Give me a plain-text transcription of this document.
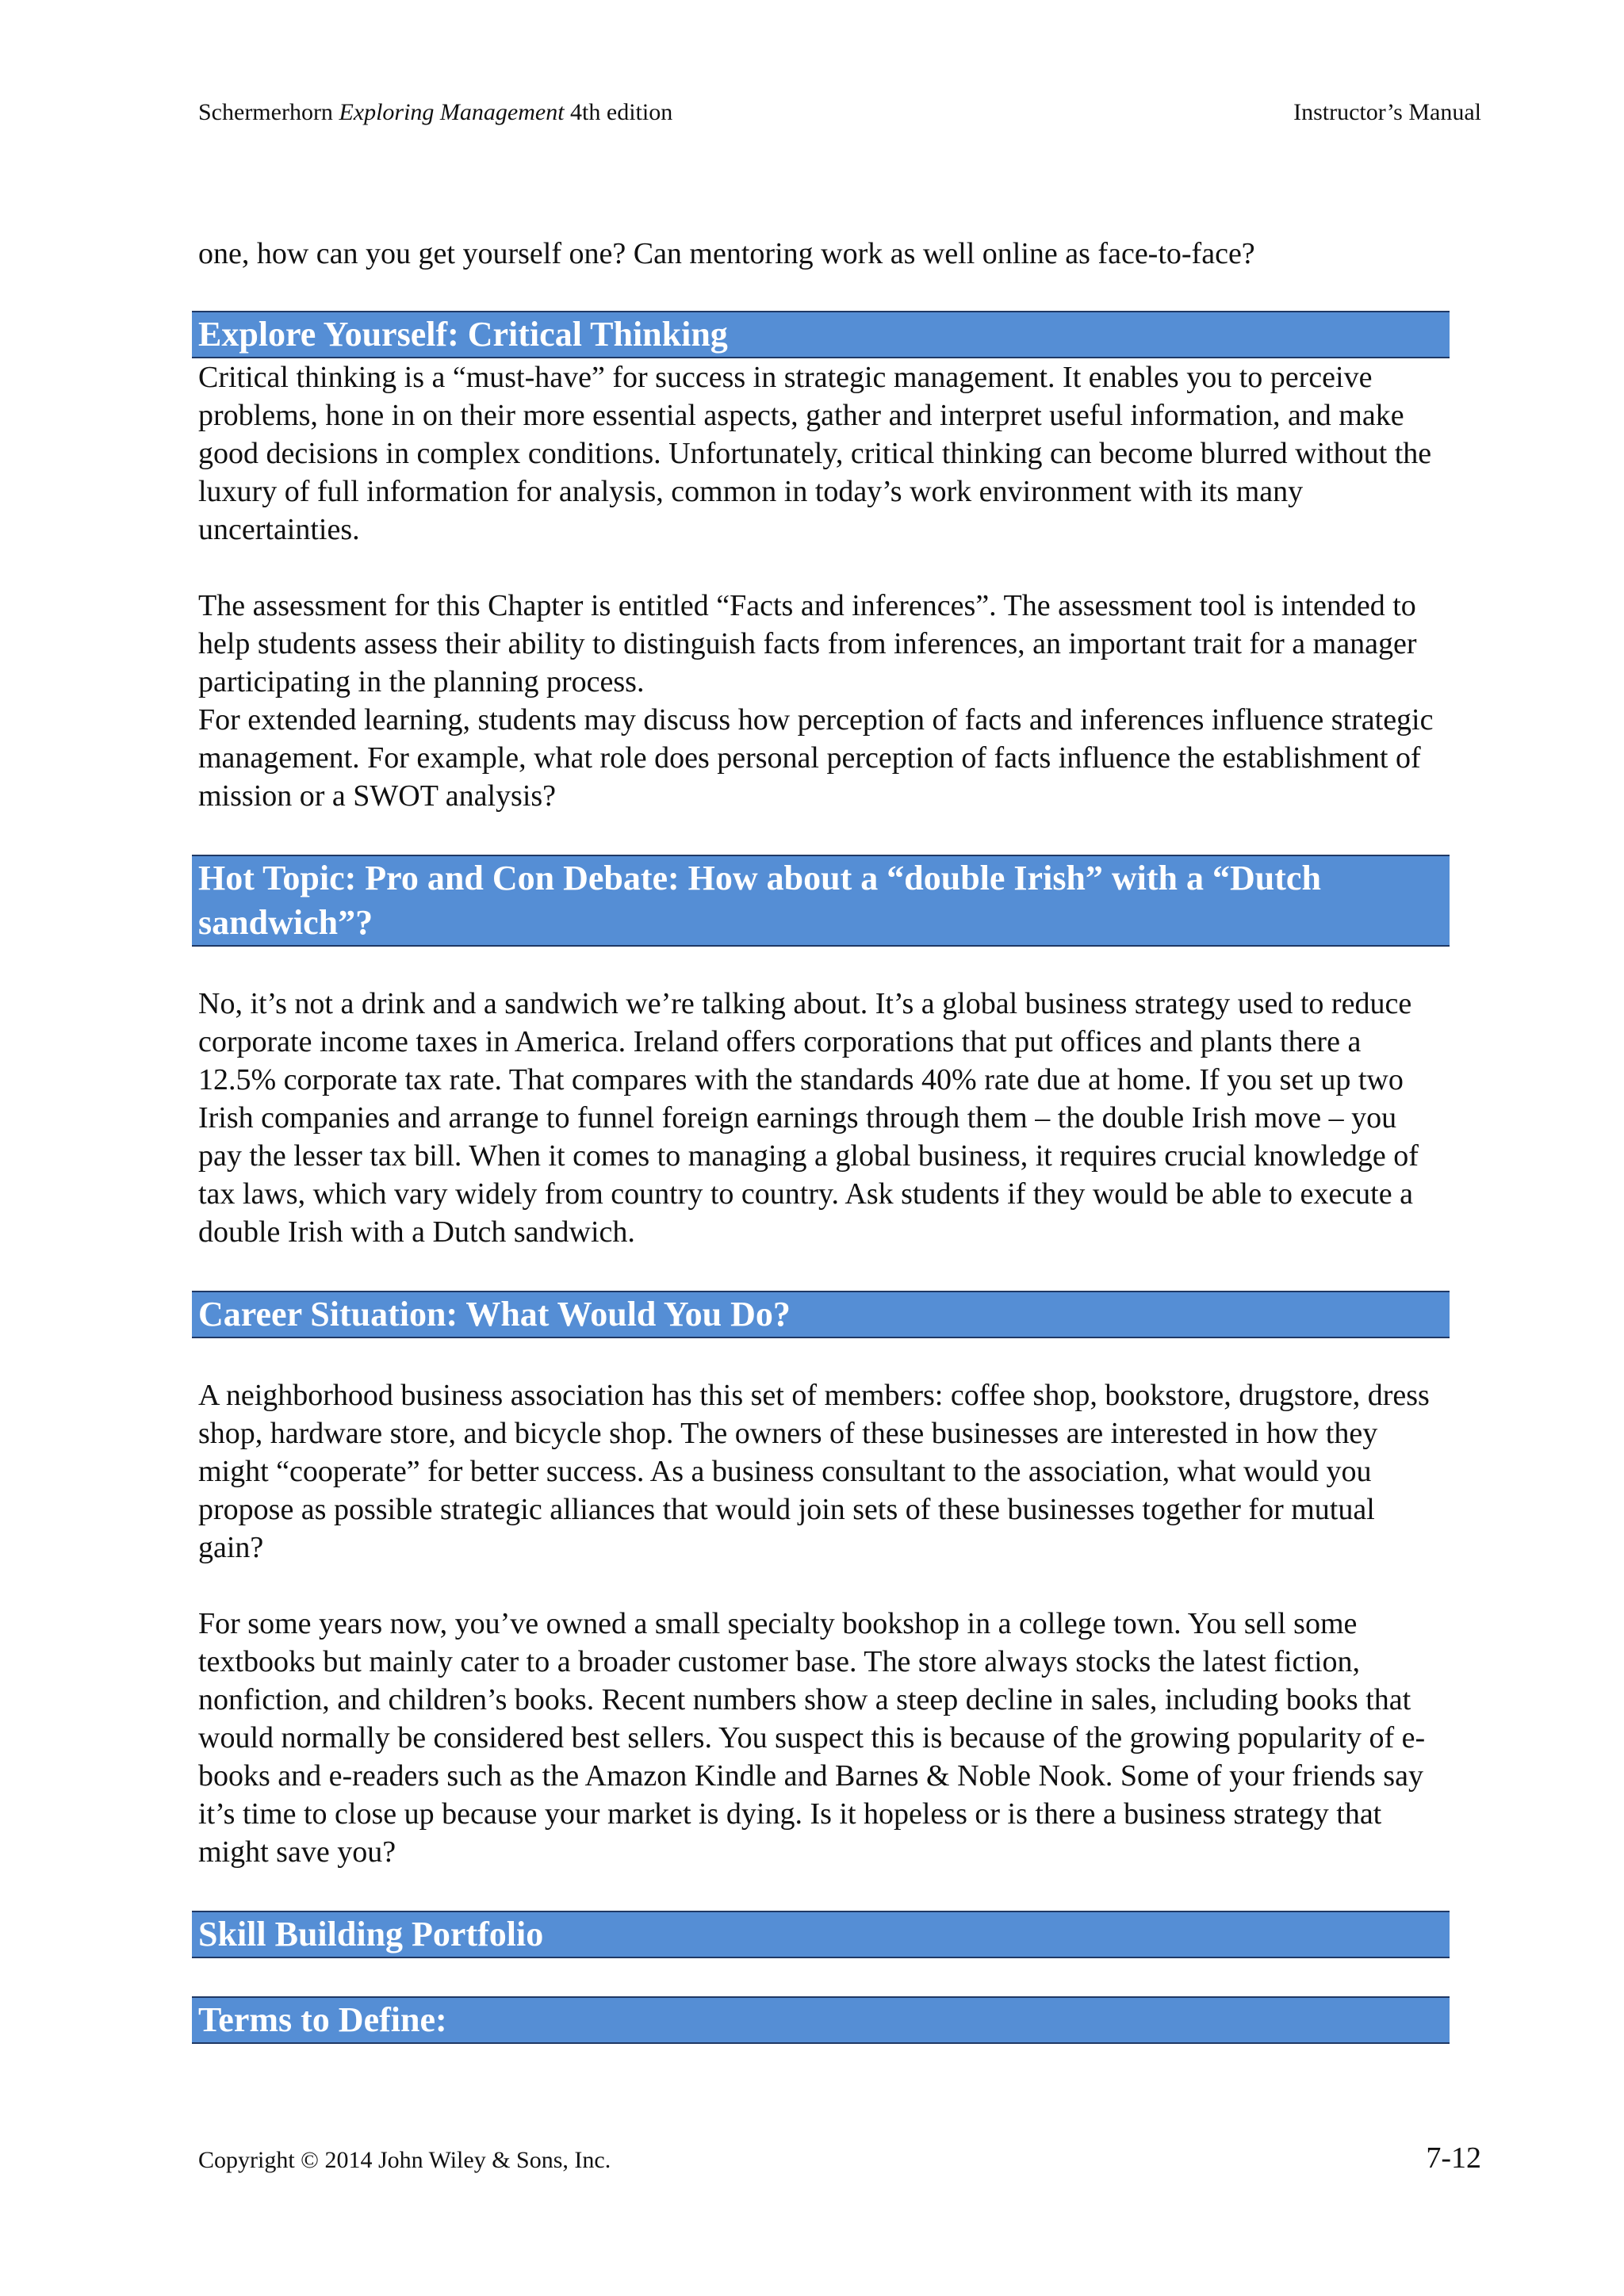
Schermerhorn Exploring Management 4th edition	Instructor’s Manual

one, how can you get yourself one? Can mentoring work as well online as face-to-face?

Explore Yourself: Critical Thinking

Critical thinking is a “must-have” for success in strategic management. It enables you to perceive problems, hone in on their more essential aspects, gather and interpret useful information, and make good decisions in complex conditions. Unfortunately, critical thinking can become blurred without the luxury of full information for analysis, common in today’s work environment with its many uncertainties.

The assessment for this Chapter is entitled “Facts and inferences”. The assessment tool is intended to help students assess their ability to distinguish facts from inferences, an important trait for a manager participating in the planning process.

For extended learning, students may discuss how perception of facts and inferences influence strategic management. For example, what role does personal perception of facts influence the establishment of mission or a SWOT analysis?

Hot Topic: Pro and Con Debate: How about a “double Irish” with a “Dutch sandwich”?

No, it’s not a drink and a sandwich we’re talking about. It’s a global business strategy used to reduce corporate income taxes in America. Ireland offers corporations that put offices and plants there a 12.5% corporate tax rate. That compares with the standards 40% rate due at home. If you set up two Irish companies and arrange to funnel foreign earnings through them – the double Irish move – you pay the lesser tax bill. When it comes to managing a global business, it requires crucial knowledge of tax laws, which vary widely from country to country. Ask students if they would be able to execute a double Irish with a Dutch sandwich.

Career Situation: What Would You Do?

A neighborhood business association has this set of members: coffee shop, bookstore, drugstore, dress shop, hardware store, and bicycle shop. The owners of these businesses are interested in how they might “cooperate” for better success. As a business consultant to the association, what would you propose as possible strategic alliances that would join sets of these businesses together for mutual gain?

For some years now, you’ve owned a small specialty bookshop in a college town. You sell some textbooks but mainly cater to a broader customer base. The store always stocks the latest fiction, nonfiction, and children’s books. Recent numbers show a steep decline in sales, including books that would normally be considered best sellers. You suspect this is because of the growing popularity of e-books and e-readers such as the Amazon Kindle and Barnes & Noble Nook. Some of your friends say it’s time to close up because your market is dying. Is it hopeless or is there a business strategy that might save you?

Skill Building Portfolio
Terms to Define:
Copyright © 2014 John Wiley & Sons, Inc.	7-12
